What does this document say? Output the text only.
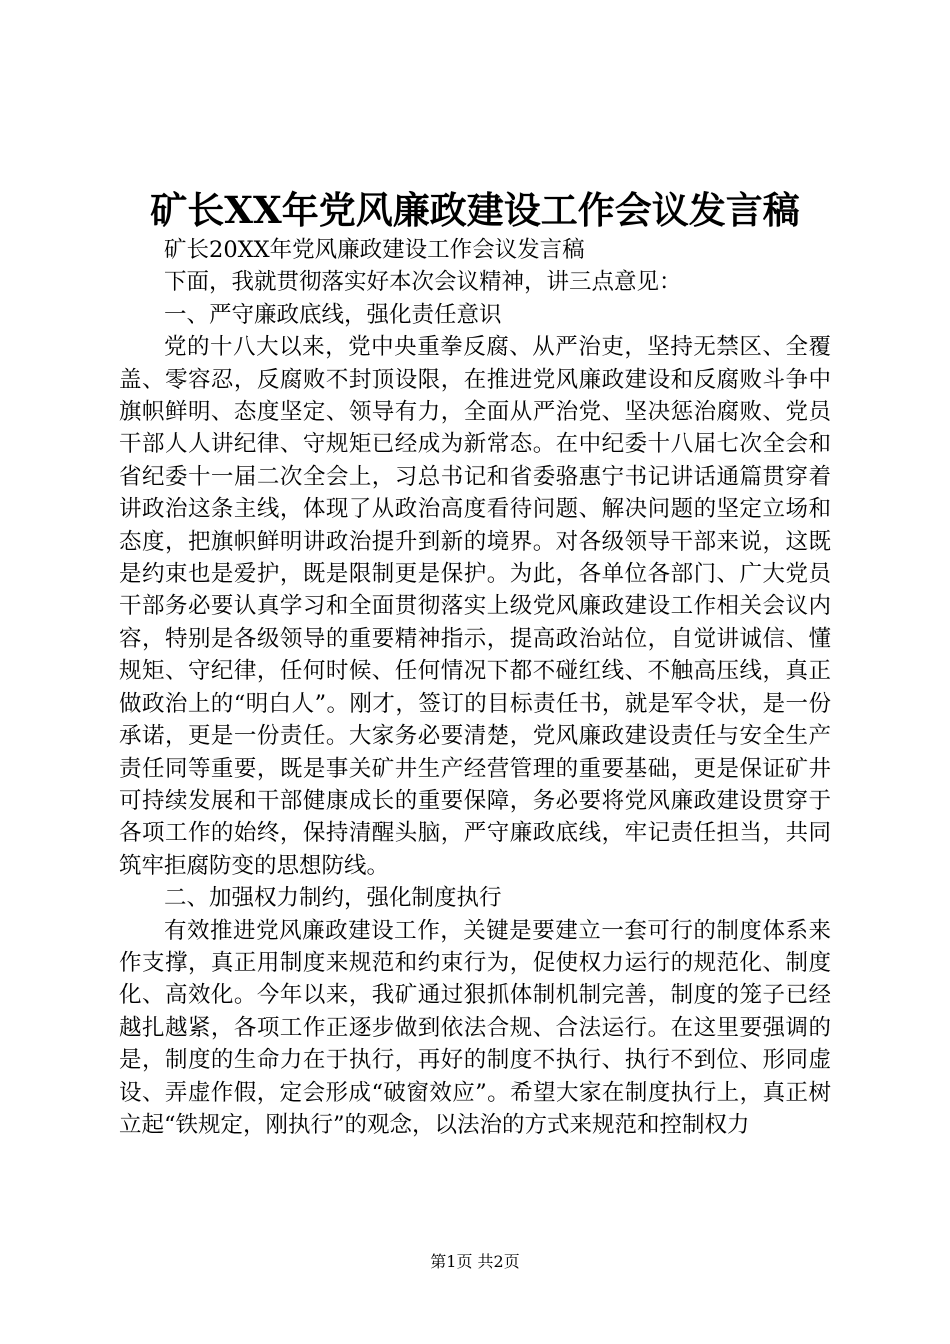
矿长XX年党风廉政建设工作会议发言稿

矿长20XX年党风廉政建设工作会议发言稿

下面，我就贯彻落实好本次会议精神，讲三点意见：

一、严守廉政底线，强化责任意识

党的十八大以来，党中央重拳反腐、从严治吏，坚持无禁区、全覆盖、零容忍，反腐败不封顶设限，在推进党风廉政建设和反腐败斗争中旗帜鲜明、态度坚定、领导有力，全面从严治党、坚决惩治腐败、党员干部人人讲纪律、守规矩已经成为新常态。在中纪委十八届七次全会和省纪委十一届二次全会上，习总书记和省委骆惠宁书记讲话通篇贯穿着讲政治这条主线，体现了从政治高度看待问题、解决问题的坚定立场和态度，把旗帜鲜明讲政治提升到新的境界。对各级领导干部来说，这既是约束也是爱护，既是限制更是保护。为此，各单位各部门、广大党员干部务必要认真学习和全面贯彻落实上级党风廉政建设工作相关会议内容，特别是各级领导的重要精神指示，提高政治站位，自觉讲诚信、懂规矩、守纪律，任何时候、任何情况下都不碰红线、不触高压线，真正做政治上的“明白人”。刚才，签订的目标责任书，就是军令状，是一份承诺，更是一份责任。大家务必要清楚，党风廉政建设责任与安全生产责任同等重要，既是事关矿井生产经营管理的重要基础，更是保证矿井可持续发展和干部健康成长的重要保障，务必要将党风廉政建设贯穿于各项工作的始终，保持清醒头脑，严守廉政底线，牢记责任担当，共同筑牢拒腐防变的思想防线。

二、加强权力制约，强化制度执行

有效推进党风廉政建设工作，关键是要建立一套可行的制度体系来作支撑，真正用制度来规范和约束行为，促使权力运行的规范化、制度化、高效化。今年以来，我矿通过狠抓体制机制完善，制度的笼子已经越扎越紧，各项工作正逐步做到依法合规、合法运行。在这里要强调的是，制度的生命力在于执行，再好的制度不执行、执行不到位、形同虚设、弄虚作假，定会形成“破窗效应”。希望大家在制度执行上，真正树立起“铁规定，刚执行”的观念，以法治的方式来规范和控制权力

第1页 共2页
